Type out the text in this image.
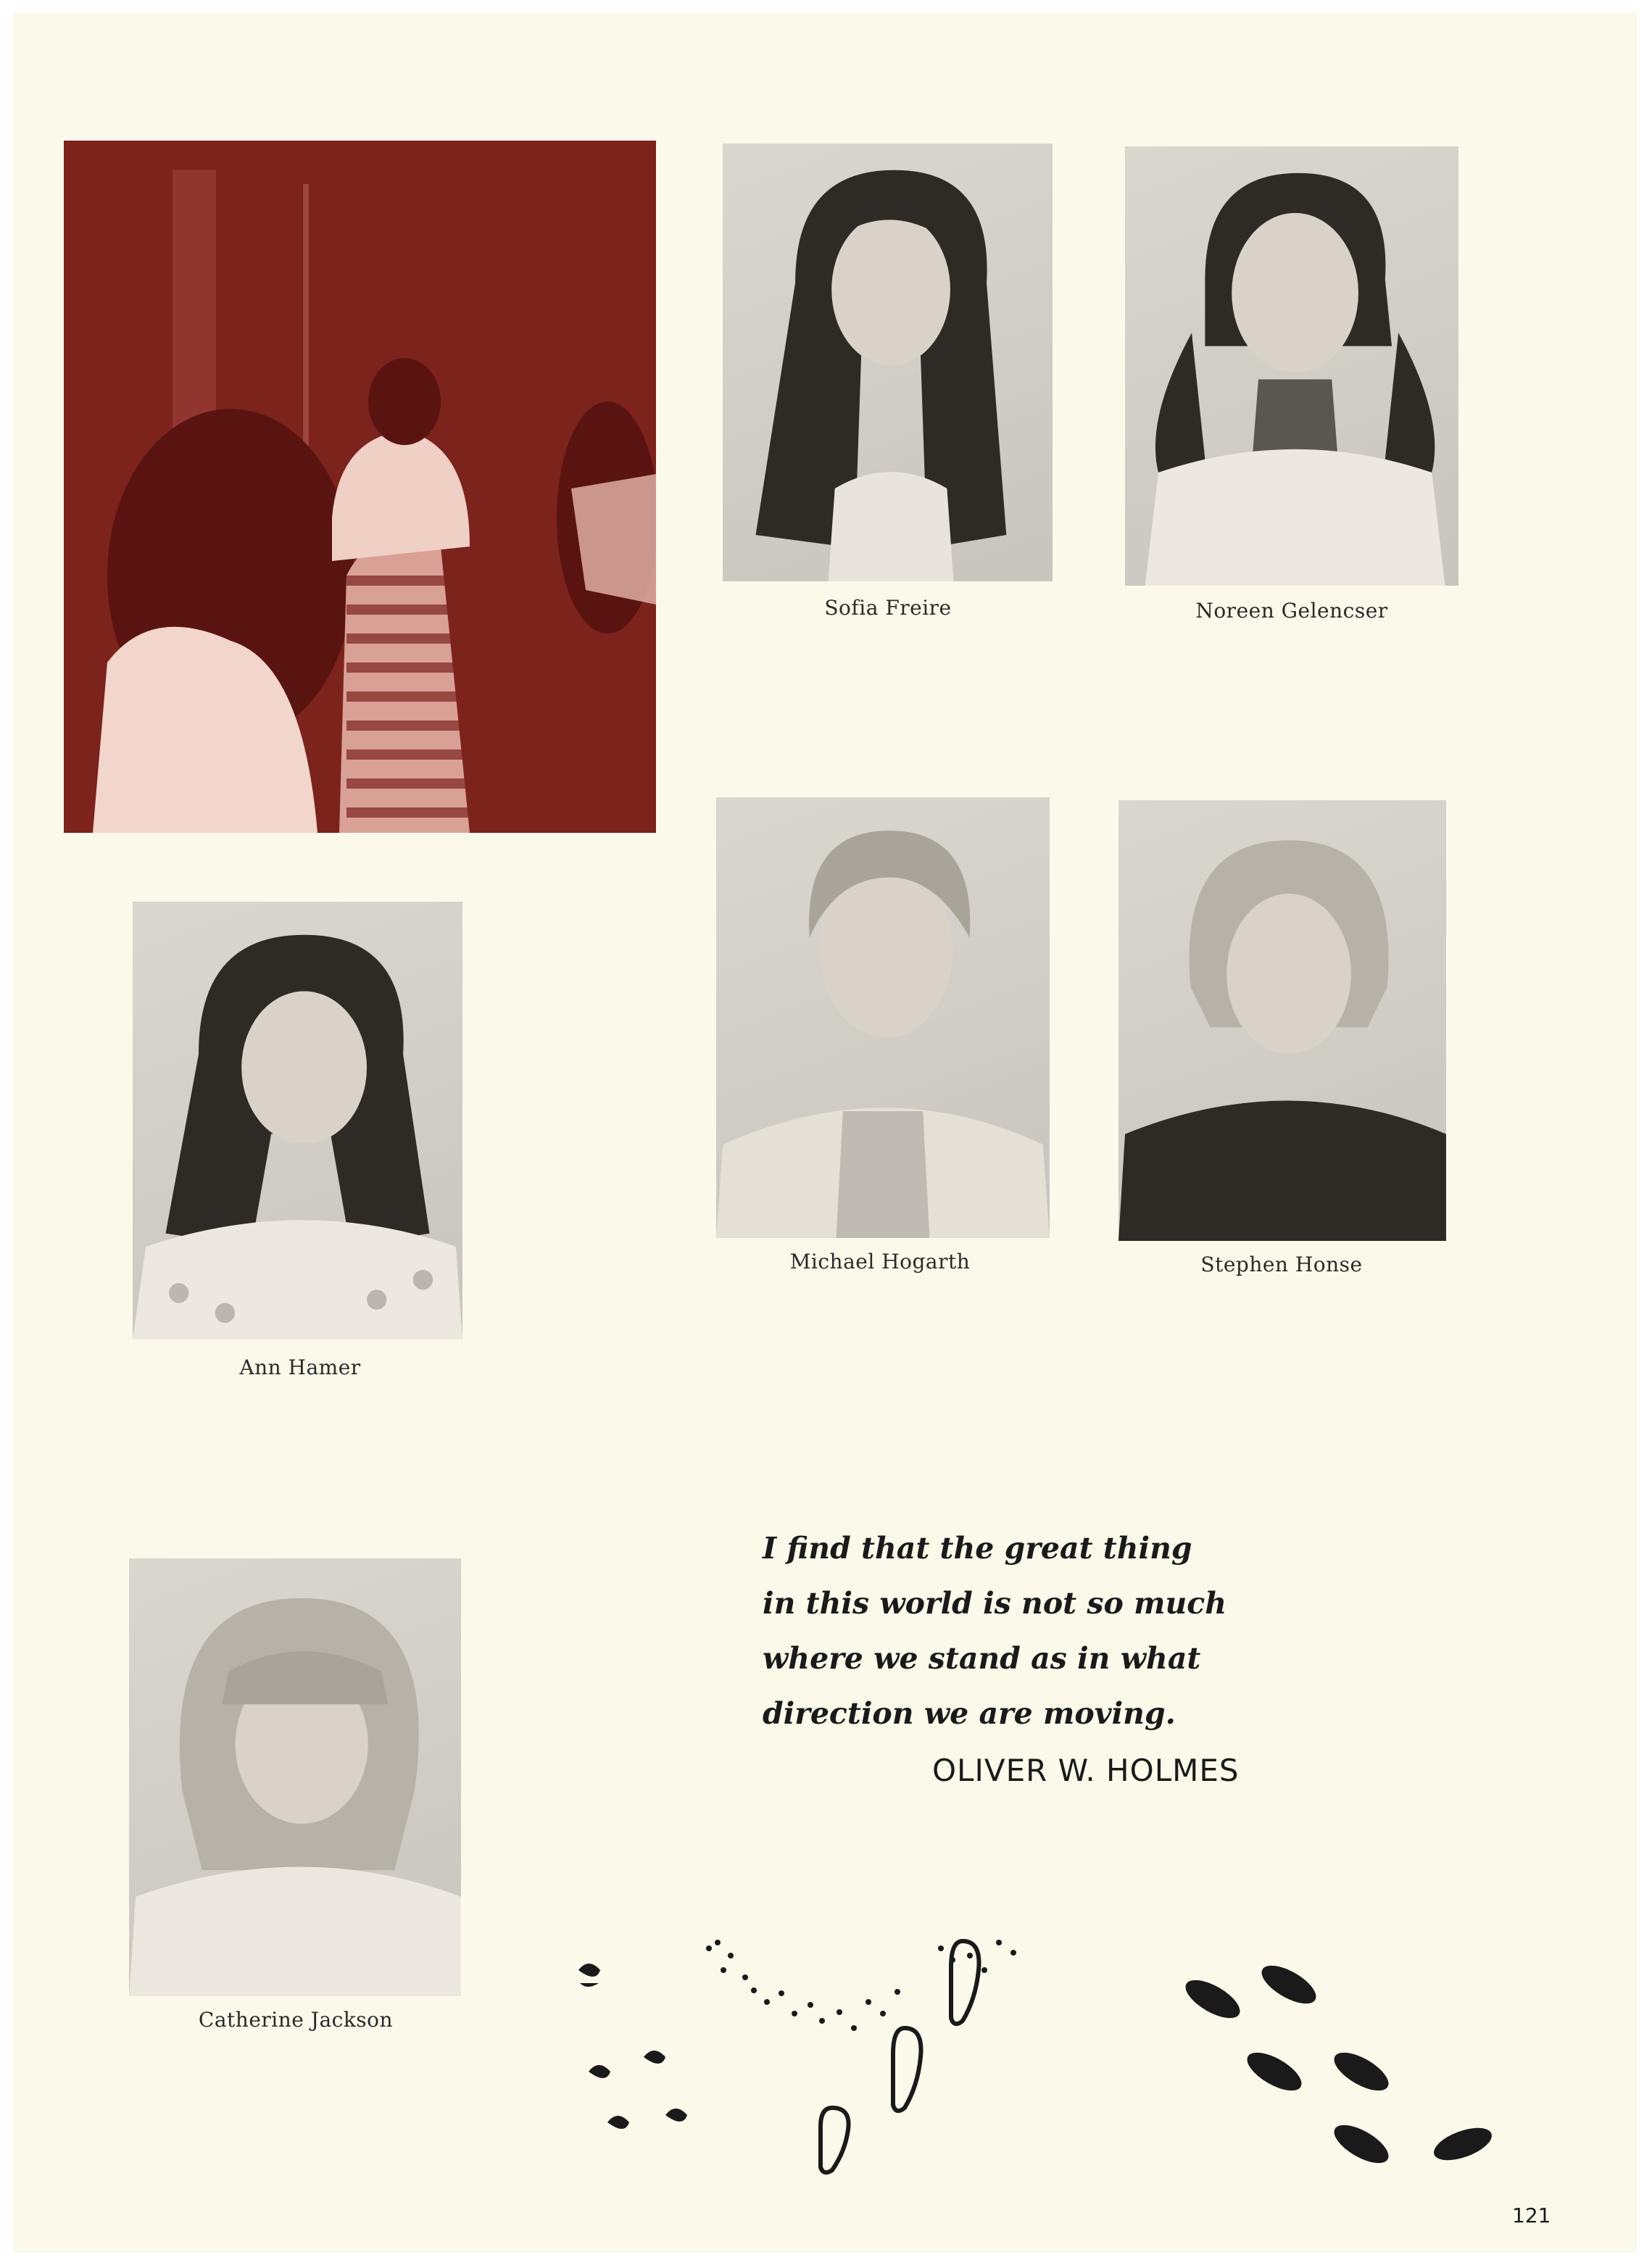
Sofia Freire	Noreen Gelencser
Ann Hamer
Michael Hogarth	Stephen Honse
Catherine Jackson
I find that the great thing
in this world is not so much
where we stand as in what
direction we are moving.
OLIVER W. HOLMES
121
